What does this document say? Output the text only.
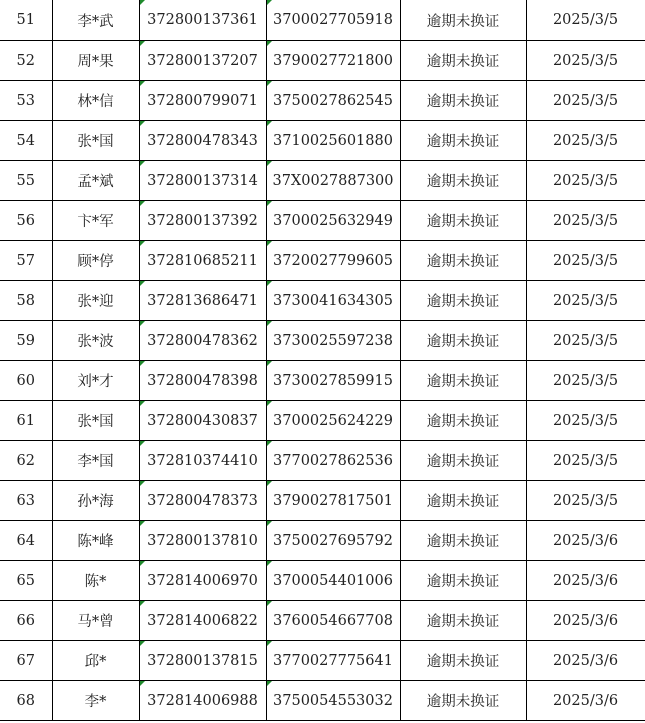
51	李*武	372800137361	3700027705918	逾期未换证	2025/3/5
52	周*果	372800137207	3790027721800	逾期未换证	2025/3/5
53	林*信	372800799071	3750027862545	逾期未换证	2025/3/5
54	张*国	372800478343	3710025601880	逾期未换证	2025/3/5
55	孟*斌	372800137314	37X0027887300	逾期未换证	2025/3/5
56	卞*军	372800137392	3700025632949	逾期未换证	2025/3/5
57	顾*停	372810685211	3720027799605	逾期未换证	2025/3/5
58	张*迎	372813686471	3730041634305	逾期未换证	2025/3/5
59	张*波	372800478362	3730025597238	逾期未换证	2025/3/5
60	刘*才	372800478398	3730027859915	逾期未换证	2025/3/5
61	张*国	372800430837	3700025624229	逾期未换证	2025/3/5
62	李*国	372810374410	3770027862536	逾期未换证	2025/3/5
63	孙*海	372800478373	3790027817501	逾期未换证	2025/3/5
64	陈*峰	372800137810	3750027695792	逾期未换证	2025/3/6
65	陈*	372814006970	3700054401006	逾期未换证	2025/3/6
66	马*曾	372814006822	3760054667708	逾期未换证	2025/3/6
67	邱*	372800137815	3770027775641	逾期未换证	2025/3/6
68	李*	372814006988	3750054553032	逾期未换证	2025/3/6
